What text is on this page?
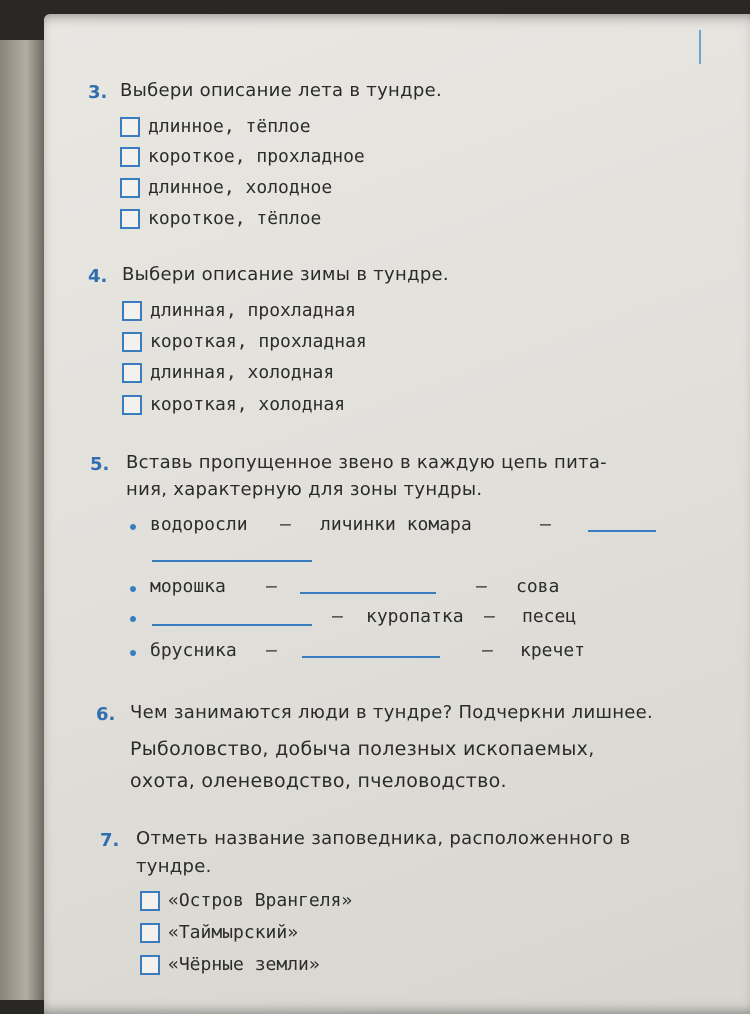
3. Выбери описание лета в тундре.
длинное, тёплое
короткое, прохладное
длинное, холодное
короткое, тёплое
4. Выбери описание зимы в тундре.
длинная, прохладная
короткая, прохладная
длинная, холодная
короткая, холодная
5. Вставь пропущенное звено в каждую цепь пита-
ния, характерную для зоны тундры.
водоросли — личинки комара	—
морошка —	— сова
— куропатка — песец
брусника —	— кречет
6. Чем занимаются люди в тундре? Подчеркни лишнее.
Рыболовство, добыча полезных ископаемых,
охота, оленеводство, пчеловодство.
7. Отметь название заповедника, расположенного в
тундре.
«Остров Врангеля»
«Таймырский»
«Чёрные земли»
